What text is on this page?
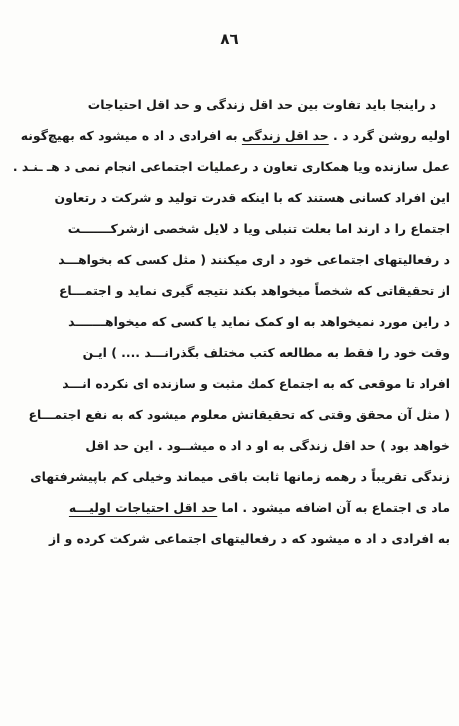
٨٦
د راینجا باید تفاوت بین حد اقل زندگی و حد اقل احتیاجات
اولیه روشن گرد د . حد اقل زندگی به افرادی د اد ه میشود که بهیچ‌گونه
عمل سازنده ویا همکاری تعاون د رعملیات اجتماعی انجام نمی د هـ ـنـد .
این افراد کسانی هستند که با اینکه قدرت تولید و شرکت د رتعاون
اجتماع را د ارند اما بعلت تنبلی ویا د لایل شخصی ازشرکـــــــت
د رفعالیتهای اجتماعی خود د اری میکنند ( مثل کسی که بخواهـــد
از تحقیقاتی که شخصاً میخواهد بکند نتیجه گیری نماید و اجتمـــاع
د راین مورد نمیخواهد به او کمک نماید یا کسی که میخواهـــــــد
وقت خود را فقط به مطالعه کتب مختلف بگذرانـــد .... ) ایـن
افراد تا موقعی که به اجتماع کمك مثبت و سازنده ای نکرده انـــد
( مثل آن محقق وقتی که تحقیقاتش معلوم میشود که به نفع اجتمـــاع
خواهد بود ) حد اقل زندگی به او د اد ه میشــود . این حد اقل
زندگی تقریباً د رهمه زمانها ثابت باقی میماند وخیلی کم باپیشرفتهای
ماد ی اجتماع به آن اضافه میشود . اما حد اقل احتیاجات اولیـــه
به افرادی د اد ه میشود که د رفعالیتهای اجتماعی شرکت کرده و از
